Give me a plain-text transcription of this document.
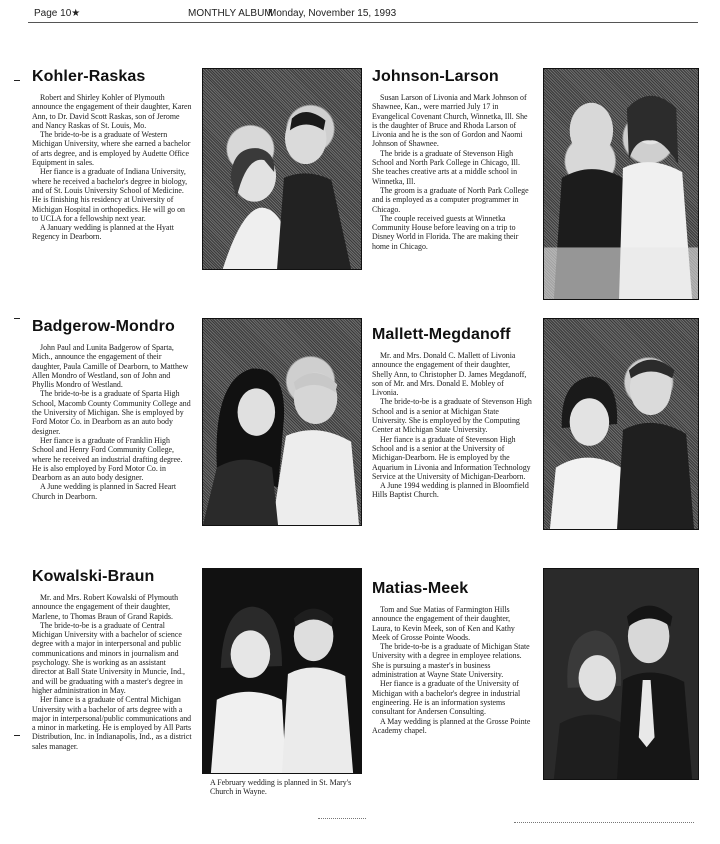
Page 10★	MONTHLY ALBUM
Monday, November 15, 1993
Kohler-Raskas

Robert and Shirley Kohler of Plymouth announce the engagement of their daughter, Karen Ann, to Dr. David Scott Raskas, son of Jerome and Nancy Raskas of St. Louis, Mo.

The bride-to-be is a graduate of Western Michigan University, where she earned a bachelor of arts degree, and is employed by Audette Office Equipment in sales.

Her fiance is a graduate of Indiana University, where he received a bachelor's degree in biology, and of St. Louis University School of Medicine. He is finishing his residency at University of Michigan Hospital in orthopedics. He will go on to UCLA for a fellowship next year.

A January wedding is planned at the Hyatt Regency in Dearborn.

Johnson-Larson

Susan Larson of Livonia and Mark Johnson of Shawnee, Kan., were married July 17 in Evangelical Covenant Church, Winnetka, Ill. She is the daughter of Bruce and Rhoda Larson of Livonia and he is the son of Gordon and Naomi Johnson of Shawnee.

The bride is a graduate of Stevenson High School and North Park College in Chicago, Ill. She teaches creative arts at a middle school in Winnetka, Ill.

The groom is a graduate of North Park College and is employed as a computer programmer in Chicago.

The couple received guests at Winnetka Community House before leaving on a trip to Disney World in Florida. The are making their home in Chicago.

Badgerow-Mondro

John Paul and Lunita Badgerow of Sparta, Mich., announce the engagement of their daughter, Paula Camille of Dearborn, to Matthew Allen Mondro of Westland, son of John and Phyllis Mondro of Westland.

The bride-to-be is a graduate of Sparta High School, Macomb County Community College and the University of Michigan. She is employed by Ford Motor Co. in Dearborn as an auto body designer.

Her fiance is a graduate of Franklin High School and Henry Ford Community College, where he received an industrial drafting degree. He is also employed by Ford Motor Co. in Dearborn as an auto body designer.

A June wedding is planned in Sacred Heart Church in Dearborn.

Mallett-Megdanoff

Mr. and Mrs. Donald C. Mallett of Livonia announce the engagement of their daughter, Shelly Ann, to Christopher D. James Megdanoff, son of Mr. and Mrs. Donald E. Mobley of Livonia.

The bride-to-be is a graduate of Stevenson High School and is a senior at Michigan State University. She is employed by the Computing Center at Michigan State University.

Her fiance is a graduate of Stevenson High School and is a senior at the University of Michigan-Dearborn. He is employed by the Aquarium in Livonia and Information Technology Service at the University of Michigan-Dearborn.

A June 1994 wedding is planned in Bloomfield Hills Baptist Church.

Kowalski-Braun

Mr. and Mrs. Robert Kowalski of Plymouth announce the engagement of their daughter, Marlene, to Thomas Braun of Grand Rapids.

The bride-to-be is a graduate of Central Michigan University with a bachelor of science degree with a major in interpersonal and public communications and minors in journalism and psychology. She is working as an assistant director at Ball State University in Muncie, Ind., and will be graduating with a master's degree in higher administration in May.

Her fiance is a graduate of Central Michigan University with a bachelor of arts degree with a major in interpersonal/public communications and a minor in marketing. He is employed by All Parts Distribution, Inc. in Indianapolis, Ind., as a district sales manager.

A February wedding is planned in St. Mary's Church in Wayne.
Matias-Meek

Tom and Sue Matias of Farmington Hills announce the engagement of their daughter, Laura, to Kevin Meek, son of Ken and Kathy Meek of Grosse Pointe Woods.

The bride-to-be is a graduate of Michigan State University with a degree in employee relations. She is pursuing a master's in business administration at Wayne State University.

Her fiance is a graduate of the University of Michigan with a bachelor's degree in industrial engineering. He is an information systems consultant for Andersen Consulting.

A May wedding is planned at the Grosse Pointe Academy chapel.
